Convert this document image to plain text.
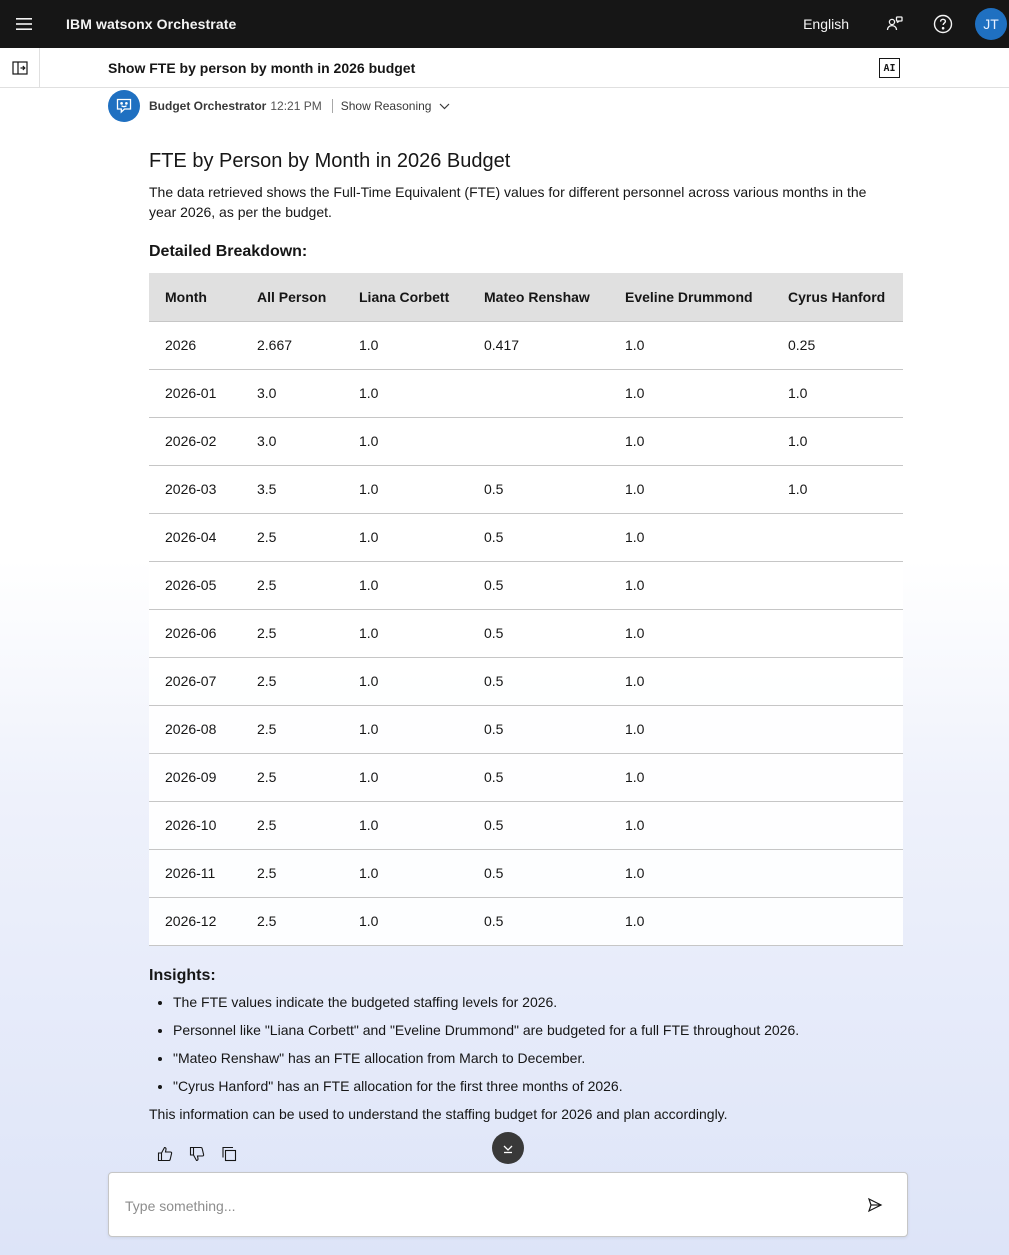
IBM watsonx Orchestrate	English	JT
Show FTE by person by month in 2026 budget	AI
Budget Orchestrator 12:21 PM Show Reasoning
FTE by Person by Month in 2026 Budget
The data retrieved shows the Full-Time Equivalent (FTE) values for different personnel across various months in the year 2026, as per the budget.
Detailed Breakdown:
Month	All Person	Liana Corbett	Mateo Renshaw	Eveline Drummond	Cyrus Hanford
2026	2.667	1.0	0.417	1.0	0.25
2026-01	3.0	1.0		1.0	1.0
2026-02	3.0	1.0		1.0	1.0
2026-03	3.5	1.0	0.5	1.0	1.0
2026-04	2.5	1.0	0.5	1.0	
2026-05	2.5	1.0	0.5	1.0	
2026-06	2.5	1.0	0.5	1.0	
2026-07	2.5	1.0	0.5	1.0	
2026-08	2.5	1.0	0.5	1.0	
2026-09	2.5	1.0	0.5	1.0	
2026-10	2.5	1.0	0.5	1.0	
2026-11	2.5	1.0	0.5	1.0	
2026-12	2.5	1.0	0.5	1.0	
Insights:
• The FTE values indicate the budgeted staffing levels for 2026.
• Personnel like "Liana Corbett" and "Eveline Drummond" are budgeted for a full FTE throughout 2026.
• "Mateo Renshaw" has an FTE allocation from March to December.
• "Cyrus Hanford" has an FTE allocation for the first three months of 2026.
This information can be used to understand the staffing budget for 2026 and plan accordingly.
Type something...
